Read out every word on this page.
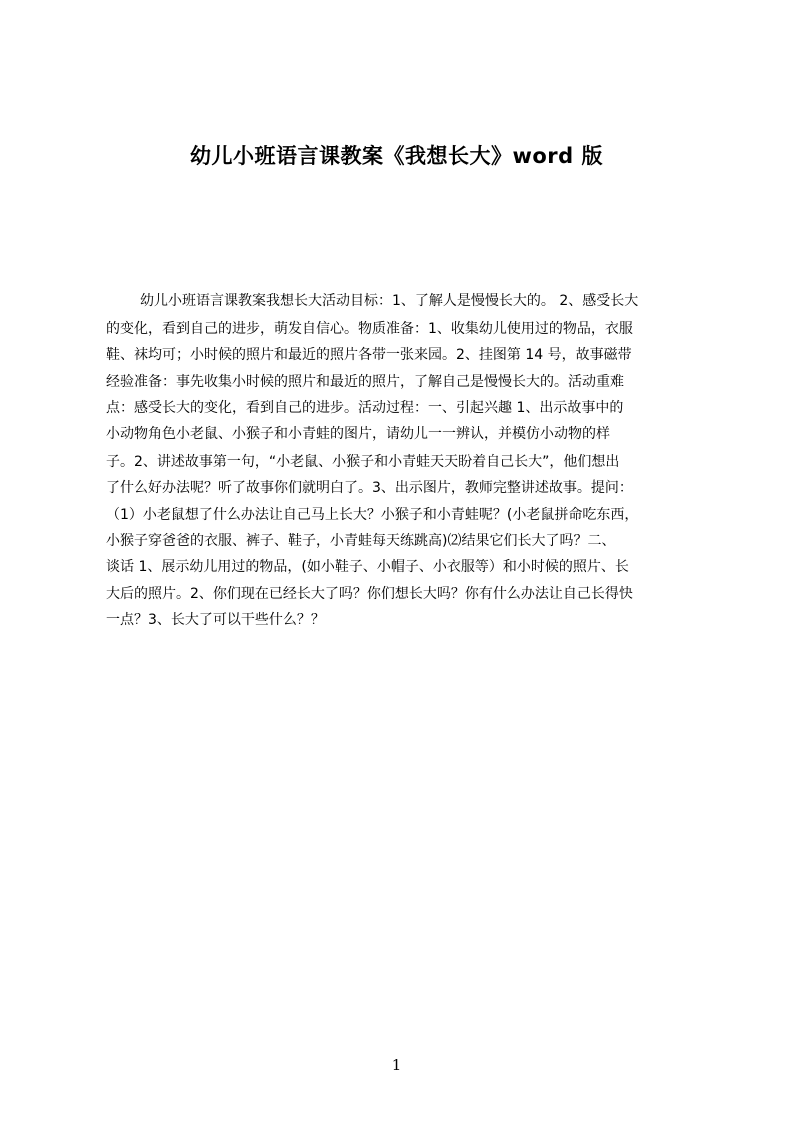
幼儿小班语言课教案《我想长大》word 版
幼儿小班语言课教案我想长大活动目标：1、了解人是慢慢长大的。 2、感受长大
的变化，看到自己的进步，萌发自信心。物质准备：1、收集幼儿使用过的物品，衣服
鞋、袜均可；小时候的照片和最近的照片各带一张来园。2、挂图第 14 号，故事磁带
经验准备：事先收集小时候的照片和最近的照片，了解自己是慢慢长大的。活动重难
点：感受长大的变化，看到自己的进步。活动过程：一、引起兴趣 1、出示故事中的
小动物角色小老鼠、小猴子和小青蛙的图片，请幼儿一一辨认，并模仿小动物的样
子。2、讲述故事第一句，“小老鼠、小猴子和小青蛙天天盼着自己长大”，他们想出
了什么好办法呢？听了故事你们就明白了。3、出示图片，教师完整讲述故事。提问：
（1）小老鼠想了什么办法让自己马上长大？小猴子和小青蛙呢？(小老鼠拼命吃东西，
小猴子穿爸爸的衣服、裤子、鞋子，小青蛙每天练跳高)⑵结果它们长大了吗？二、
谈话 1、展示幼儿用过的物品，(如小鞋子、小帽子、小衣服等）和小时候的照片、长
大后的照片。2、你们现在已经长大了吗？你们想长大吗？你有什么办法让自己长得快
一点？3、长大了可以干些什么？？
1
